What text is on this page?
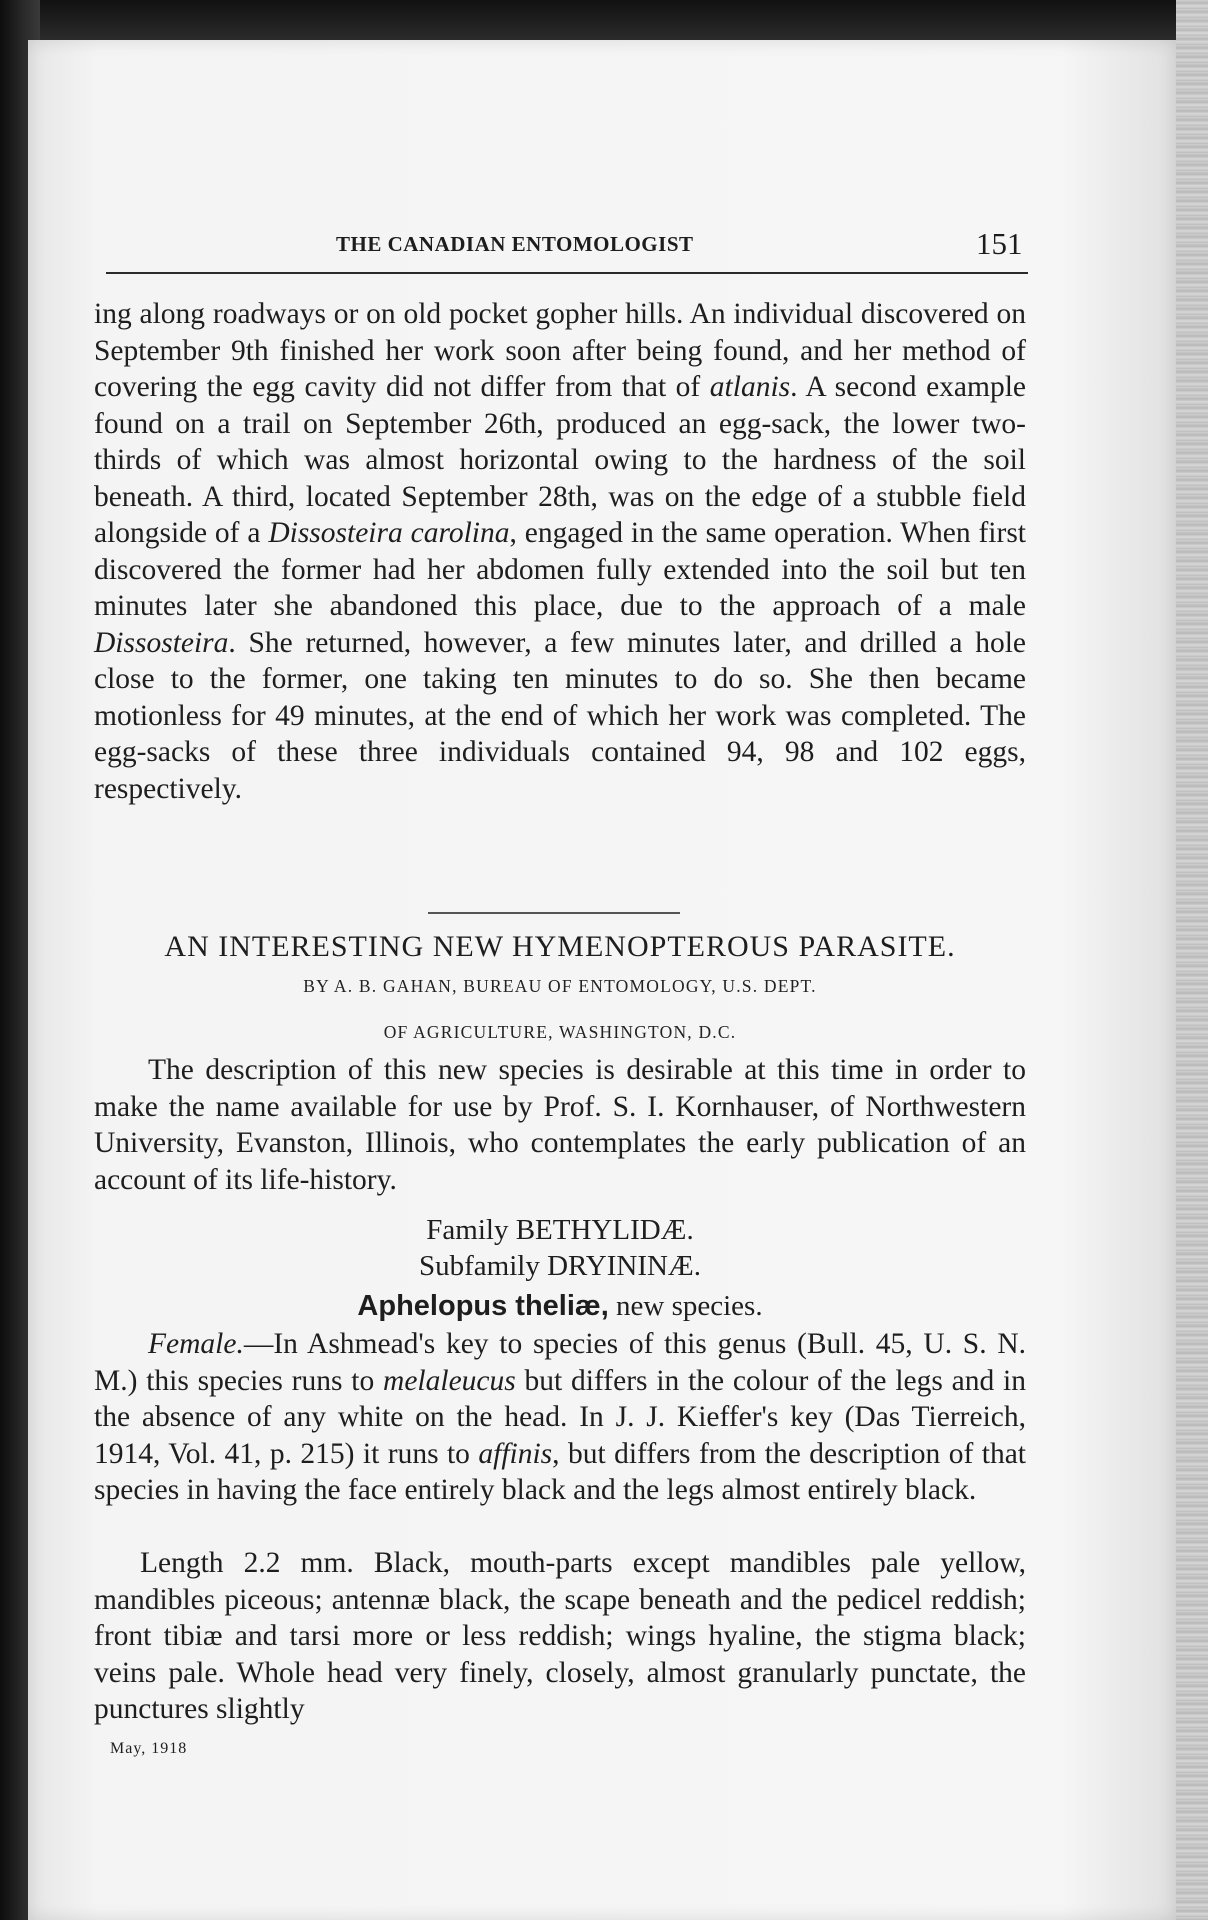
THE CANADIAN ENTOMOLOGIST	151

ing along roadways or on old pocket gopher hills. An individual discovered on September 9th finished her work soon after being found, and her method of covering the egg cavity did not differ from that of atlanis. A second example found on a trail on September 26th, produced an egg-sack, the lower two-thirds of which was almost horizontal owing to the hardness of the soil beneath. A third, located September 28th, was on the edge of a stubble field alongside of a Dissosteira carolina, engaged in the same operation. When first discovered the former had her abdomen fully extended into the soil but ten minutes later she abandoned this place, due to the approach of a male Dissosteira. She returned, however, a few minutes later, and drilled a hole close to the former, one taking ten minutes to do so. She then became motionless for 49 minutes, at the end of which her work was completed. The egg-sacks of these three individuals contained 94, 98 and 102 eggs, respectively.

AN INTERESTING NEW HYMENOPTEROUS PARASITE.
BY A. B. GAHAN, BUREAU OF ENTOMOLOGY, U.S. DEPT.
OF AGRICULTURE, WASHINGTON, D.C.

The description of this new species is desirable at this time in order to make the name available for use by Prof. S. I. Kornhauser, of Northwestern University, Evanston, Illinois, who contemplates the early publication of an account of its life-history.

Family BETHYLIDÆ.
Subfamily DRYININÆ.
Aphelopus theliæ, new species.

Female.—In Ashmead's key to species of this genus (Bull. 45, U. S. N. M.) this species runs to melaleucus but differs in the colour of the legs and in the absence of any white on the head. In J. J. Kieffer's key (Das Tierreich, 1914, Vol. 41, p. 215) it runs to affinis, but differs from the description of that species in having the face entirely black and the legs almost entirely black.

Length 2.2 mm. Black, mouth-parts except mandibles pale yellow, mandibles piceous; antennæ black, the scape beneath and the pedicel reddish; front tibiæ and tarsi more or less reddish; wings hyaline, the stigma black; veins pale. Whole head very finely, closely, almost granularly punctate, the punctures slightly

May, 1918
